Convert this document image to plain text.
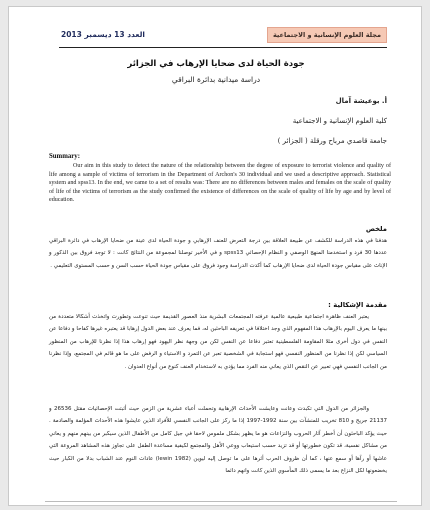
العدد 13 ديسمبر 2013	مجلة العلوم الإنسانية و الاجتماعية
جودة الحياة لدى ضحايا الإرهاب في الجزائر
دراسة ميدانية بدائرة البراقي
أ. بوعيشة آمال
كلية العلوم الإنسانية و الاجتماعية
جامعة قاصدي مرباح ورقلة ( الجزائر )
Summary:
Our aim in this study to detect the nature of the relationship between the degree of exposure to terrorist violence and quality of life among a sample of victims of terrorism in the Department of Archon's 30 individual and we used a descriptive approach. Statistical system and spss13. In the end, we came to a set of results was: There are no differences between males and females on the scale of quality of life of the victims of terrorism as the study confirmed the existence of differences on the scale of quality of life by age and by level of education.
ملخص
هدفنا في هذه الدراسة للكشف عن طبيعة العلاقة بين درجة التعرض للعنف الإرهابي و جودة الحياة لدى عينة من ضحايا الإرهاب في دائرة البراقي عددها 30 فرد و استخدمنا المنهج الوصفي و النظام الإحصائي spss13 و في الأخير توصلنا لمجموعة من النتائج كانت : لا توجد فروق بين الذكور و الإناث على مقياس جودة الحياة لدى ضحايا الإرهاب كما أكدت الدراسة وجود فروق على مقياس جودة الحياة حسب السن و حسب المستوى التعليمي .
مقدمة الإشكالية :
يعتبر العنف ظاهرة اجتماعية طبيعية عالمية عرفته المجتمعات البشرية منذ العصور القديمة حيث تنوعت وتطورت واتخذت أشكالا متعددة من بينها ما يعرف اليوم بالإرهاب هذا المفهوم الذي وجد اختلافا في تعريفه الباحثين له، فما يعرف عند بعض الدول إرهابا قد يعتبره غيرها كفاحا و دفاعا عن النفس في دول أخرى مثلا المقاومة الفلسطينية تعتبر دفاعا عن النفس لكن من وجهة نظر اليهود فهو إرهاب هذا إذا نظرنا للإرهاب من المنظور السياسي لكن إذا نظرنا من المنظور النفسي فهو استجابة في الشخصية تعبر عن التمرد و الاستياء و الرفض على ما هو قائم في المجتمع، وإذا نظرنا من الجانب النفسي فهي تعبير عن النقص الذي يعاني منه الفرد مما يؤدي به لاستخدام العنف كنوع من أنواع العدوان .
والجزائر من الدول التي تكبدت وعانت وعايشت الأحداث الإرهابية وتحملت أعباء عشرية من الزمن حيث أثبتت الإحصائيات مقتل 26536 و 21137 جريح و 810 تخريب للمنشآت بين سنة 1992-1997 إذا ما ركز على الجانب النفسي للأفراد الذين عايشوا هذه الأحداث المؤلمة والصادمة . حيث يؤكد الباحثون أن أخطر آثار الحروب والنزاعات هو ما يظهر بشكل ملموس لاحقا في جيل كامل من الأطفال الذين سيكبر من بينهم منهم و يعاني من مشاكل نفسية، قد تكون خطورتها أو قد تزيد حسب استيعاب ووعي الأهل والمجتمع لكيفية مساعدة الطفل على تجاوز هذه المشاهد المروعة التي عاشها أو رآها أو سمع عنها ، كما أن ظروف الحرب أثرها على ما توصل إليه ليوين (lewin 1982) عادات النوم عند الشباب بدلا من الكبار حيث يخضعونها لكل النزاع بعد ما يسمى ذلك المأسوي الذين كانت وانهم دائما
